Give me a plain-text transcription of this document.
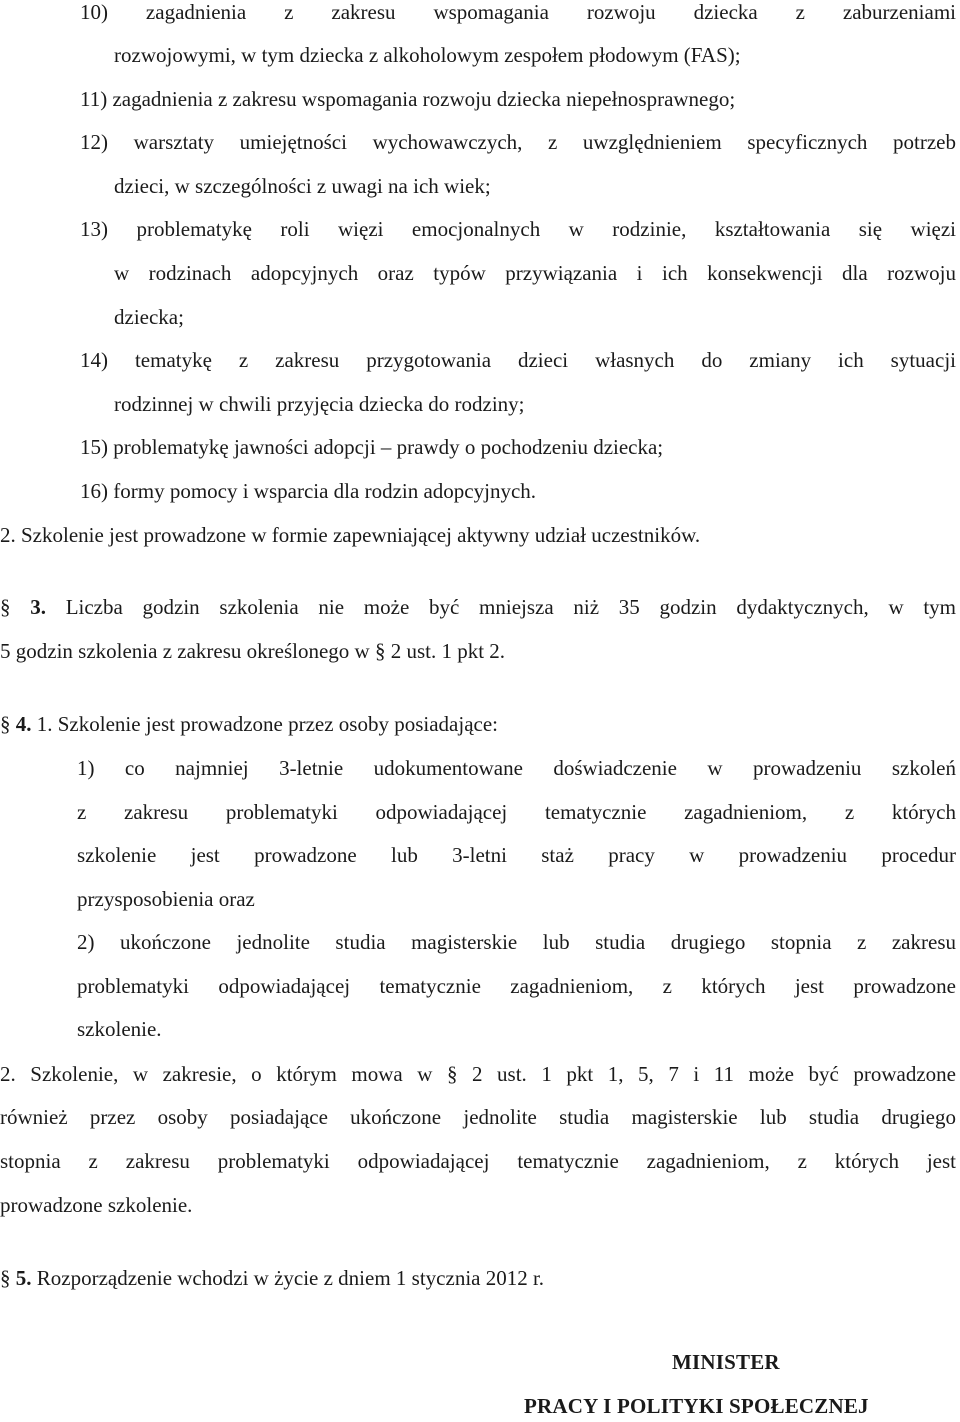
10) zagadnienia z zakresu wspomagania rozwoju dziecka z zaburzeniami
rozwojowymi, w tym dziecka z alkoholowym zespołem płodowym (FAS);
11) zagadnienia z zakresu wspomagania rozwoju dziecka niepełnosprawnego;
12) warsztaty umiejętności wychowawczych, z uwzględnieniem specyficznych potrzeb
dzieci, w szczególności z uwagi na ich wiek;
13) problematykę roli więzi emocjonalnych w rodzinie, kształtowania się więzi
w rodzinach adopcyjnych oraz typów przywiązania i ich konsekwencji dla rozwoju
dziecka;
14) tematykę z zakresu przygotowania dzieci własnych do zmiany ich sytuacji
rodzinnej w chwili przyjęcia dziecka do rodziny;
15) problematykę jawności adopcji – prawdy o pochodzeniu dziecka;
16) formy pomocy i wsparcia dla rodzin adopcyjnych.
2. Szkolenie jest prowadzone w formie zapewniającej aktywny udział uczestników.
§ 3. Liczba godzin szkolenia nie może być mniejsza niż 35 godzin dydaktycznych, w tym
5 godzin szkolenia z zakresu określonego w § 2 ust. 1 pkt 2.
§ 4. 1. Szkolenie jest prowadzone przez osoby posiadające:
1) co najmniej 3-letnie udokumentowane doświadczenie w prowadzeniu szkoleń
z zakresu problematyki odpowiadającej tematycznie zagadnieniom, z których
szkolenie jest prowadzone lub 3-letni staż pracy w prowadzeniu procedur
przysposobienia oraz
2) ukończone jednolite studia magisterskie lub studia drugiego stopnia z zakresu
problematyki odpowiadającej tematycznie zagadnieniom, z których jest prowadzone
szkolenie.
2. Szkolenie, w zakresie, o którym mowa w § 2 ust. 1 pkt 1, 5, 7 i 11 może być prowadzone
również przez osoby posiadające ukończone jednolite studia magisterskie lub studia drugiego
stopnia z zakresu problematyki odpowiadającej tematycznie zagadnieniom, z których jest
prowadzone szkolenie.
§ 5. Rozporządzenie wchodzi w życie z dniem 1 stycznia 2012 r.
MINISTER
PRACY I POLITYKI SPOŁECZNEJ
